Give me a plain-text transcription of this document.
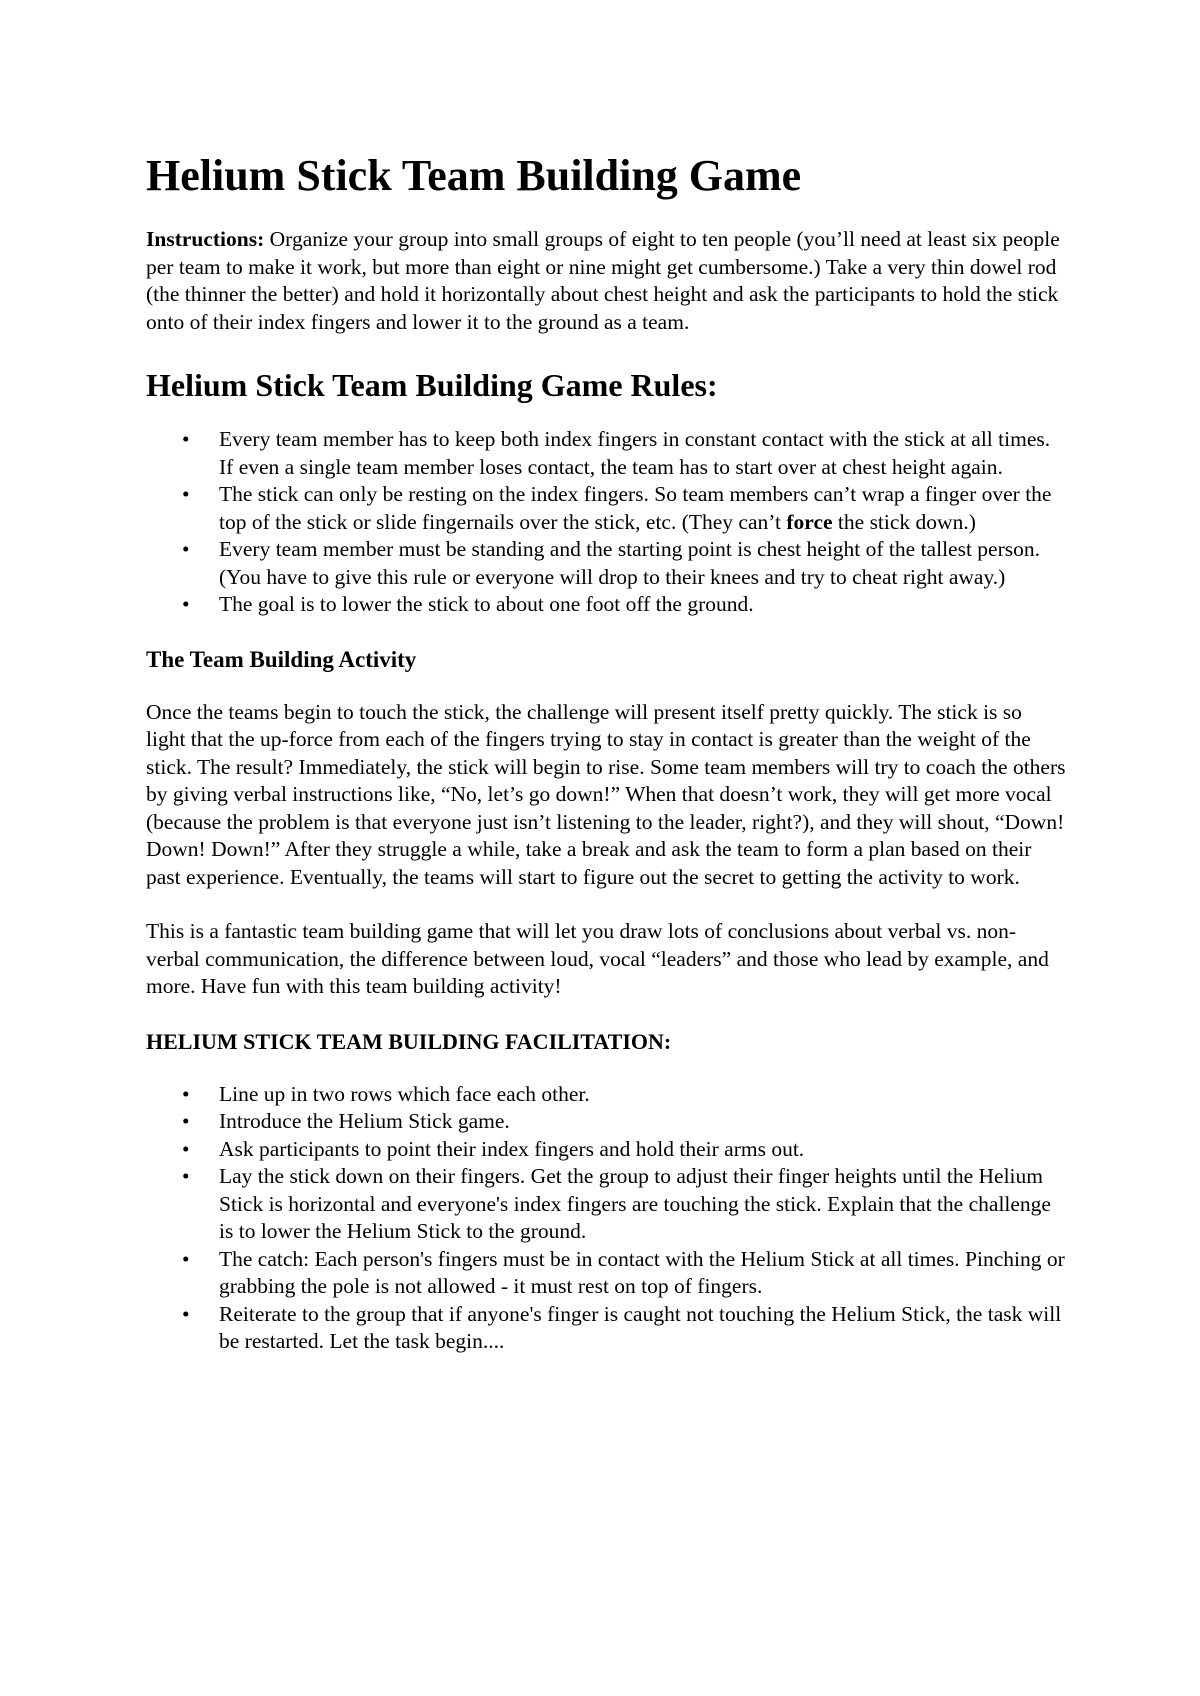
Helium Stick Team Building Game

Instructions: Organize your group into small groups of eight to ten people (you’ll need at least six people per team to make it work, but more than eight or nine might get cumbersome.) Take a very thin dowel rod (the thinner the better) and hold it horizontally about chest height and ask the participants to hold the stick onto of their index fingers and lower it to the ground as a team.

Helium Stick Team Building Game Rules:
• Every team member has to keep both index fingers in constant contact with the stick at all times. If even a single team member loses contact, the team has to start over at chest height again.
• The stick can only be resting on the index fingers. So team members can’t wrap a finger over the top of the stick or slide fingernails over the stick, etc. (They can’t force the stick down.)
• Every team member must be standing and the starting point is chest height of the tallest person. (You have to give this rule or everyone will drop to their knees and try to cheat right away.)
• The goal is to lower the stick to about one foot off the ground.
The Team Building Activity

Once the teams begin to touch the stick, the challenge will present itself pretty quickly. The stick is so light that the up-force from each of the fingers trying to stay in contact is greater than the weight of the stick. The result? Immediately, the stick will begin to rise. Some team members will try to coach the others by giving verbal instructions like, “No, let’s go down!” When that doesn’t work, they will get more vocal (because the problem is that everyone just isn’t listening to the leader, right?), and they will shout, “Down! Down! Down!” After they struggle a while, take a break and ask the team to form a plan based on their past experience. Eventually, the teams will start to figure out the secret to getting the activity to work.

This is a fantastic team building game that will let you draw lots of conclusions about verbal vs. non-verbal communication, the difference between loud, vocal “leaders” and those who lead by example, and more. Have fun with this team building activity!

HELIUM STICK TEAM BUILDING FACILITATION:
• Line up in two rows which face each other.
• Introduce the Helium Stick game.
• Ask participants to point their index fingers and hold their arms out.
• Lay the stick down on their fingers. Get the group to adjust their finger heights until the Helium Stick is horizontal and everyone's index fingers are touching the stick. Explain that the challenge is to lower the Helium Stick to the ground.
• The catch: Each person's fingers must be in contact with the Helium Stick at all times. Pinching or grabbing the pole is not allowed - it must rest on top of fingers.
• Reiterate to the group that if anyone's finger is caught not touching the Helium Stick, the task will be restarted. Let the task begin....
